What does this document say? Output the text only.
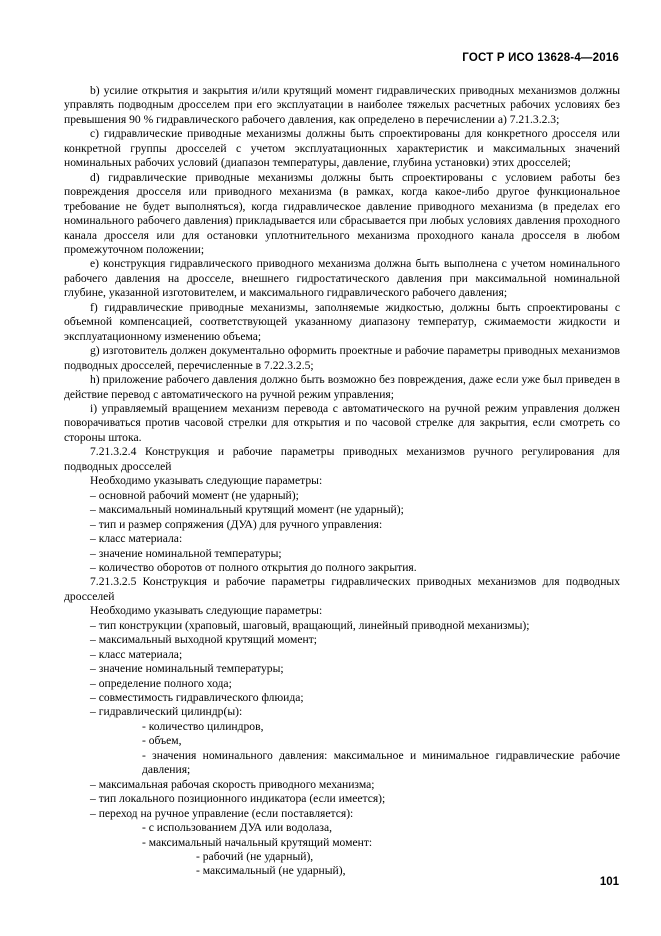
ГОСТ Р ИСО 13628-4—2016

b) усилие открытия и закрытия и/или крутящий момент гидравлических приводных механизмов должны управлять подводным дросселем при его эксплуатации в наиболее тяжелых расчетных рабочих условиях без превышения 90 % гидравлического рабочего давления, как определено в перечислении а) 7.21.3.2.3;

c) гидравлические приводные механизмы должны быть спроектированы для конкретного дросселя или конкретной группы дросселей с учетом эксплуатационных характеристик и максимальных значений номинальных рабочих условий (диапазон температуры, давление, глубина установки) этих дросселей;

d) гидравлические приводные механизмы должны быть спроектированы с условием работы без повреждения дросселя или приводного механизма (в рамках, когда какое-либо другое функциональное требование не будет выполняться), когда гидравлическое давление приводного механизма (в пределах его номинального рабочего давления) прикладывается или сбрасывается при любых условиях давления проходного канала дросселя или для остановки уплотнительного механизма проходного канала дросселя в любом промежуточном положении;

e) конструкция гидравлического приводного механизма должна быть выполнена с учетом номинального рабочего давления на дросселе, внешнего гидростатического давления при максимальной номинальной глубине, указанной изготовителем, и максимального гидравлического рабочего давления;

f) гидравлические приводные механизмы, заполняемые жидкостью, должны быть спроектированы с объемной компенсацией, соответствующей указанному диапазону температур, сжимаемости жидкости и эксплуатационному изменению объема;

g) изготовитель должен документально оформить проектные и рабочие параметры приводных механизмов подводных дросселей, перечисленные в 7.22.3.2.5;

h) приложение рабочего давления должно быть возможно без повреждения, даже если уже был приведен в действие перевод с автоматического на ручной режим управления;

i) управляемый вращением механизм перевода с автоматического на ручной режим управления должен поворачиваться против часовой стрелки для открытия и по часовой стрелке для закрытия, если смотреть со стороны штока.

7.21.3.2.4 Конструкция и рабочие параметры приводных механизмов ручного регулирования для подводных дросселей

Необходимо указывать следующие параметры:

– основной рабочий момент (не ударный);

– максимальный номинальный крутящий момент (не ударный);

– тип и размер сопряжения (ДУА) для ручного управления:

– класс материала:

– значение номинальной температуры;

– количество оборотов от полного открытия до полного закрытия.

7.21.3.2.5 Конструкция и рабочие параметры гидравлических приводных механизмов для подводных дросселей

Необходимо указывать следующие параметры:

– тип конструкции (храповый, шаговый, вращающий, линейный приводной механизмы);

– максимальный выходной крутящий момент;

– класс материала;

– значение номинальный температуры;

– определение полного хода;

– совместимость гидравлического флюида;

– гидравлический цилиндр(ы):

- количество цилиндров,

- объем,

- значения номинального давления: максимальное и минимальное гидравлические рабочие давления;

– максимальная рабочая скорость приводного механизма;

– тип локального позиционного индикатора (если имеется);

– переход на ручное управление (если поставляется):

- с использованием ДУА или водолаза,

- максимальный начальный крутящий момент:

- рабочий (не ударный),

- максимальный (не ударный),

101
